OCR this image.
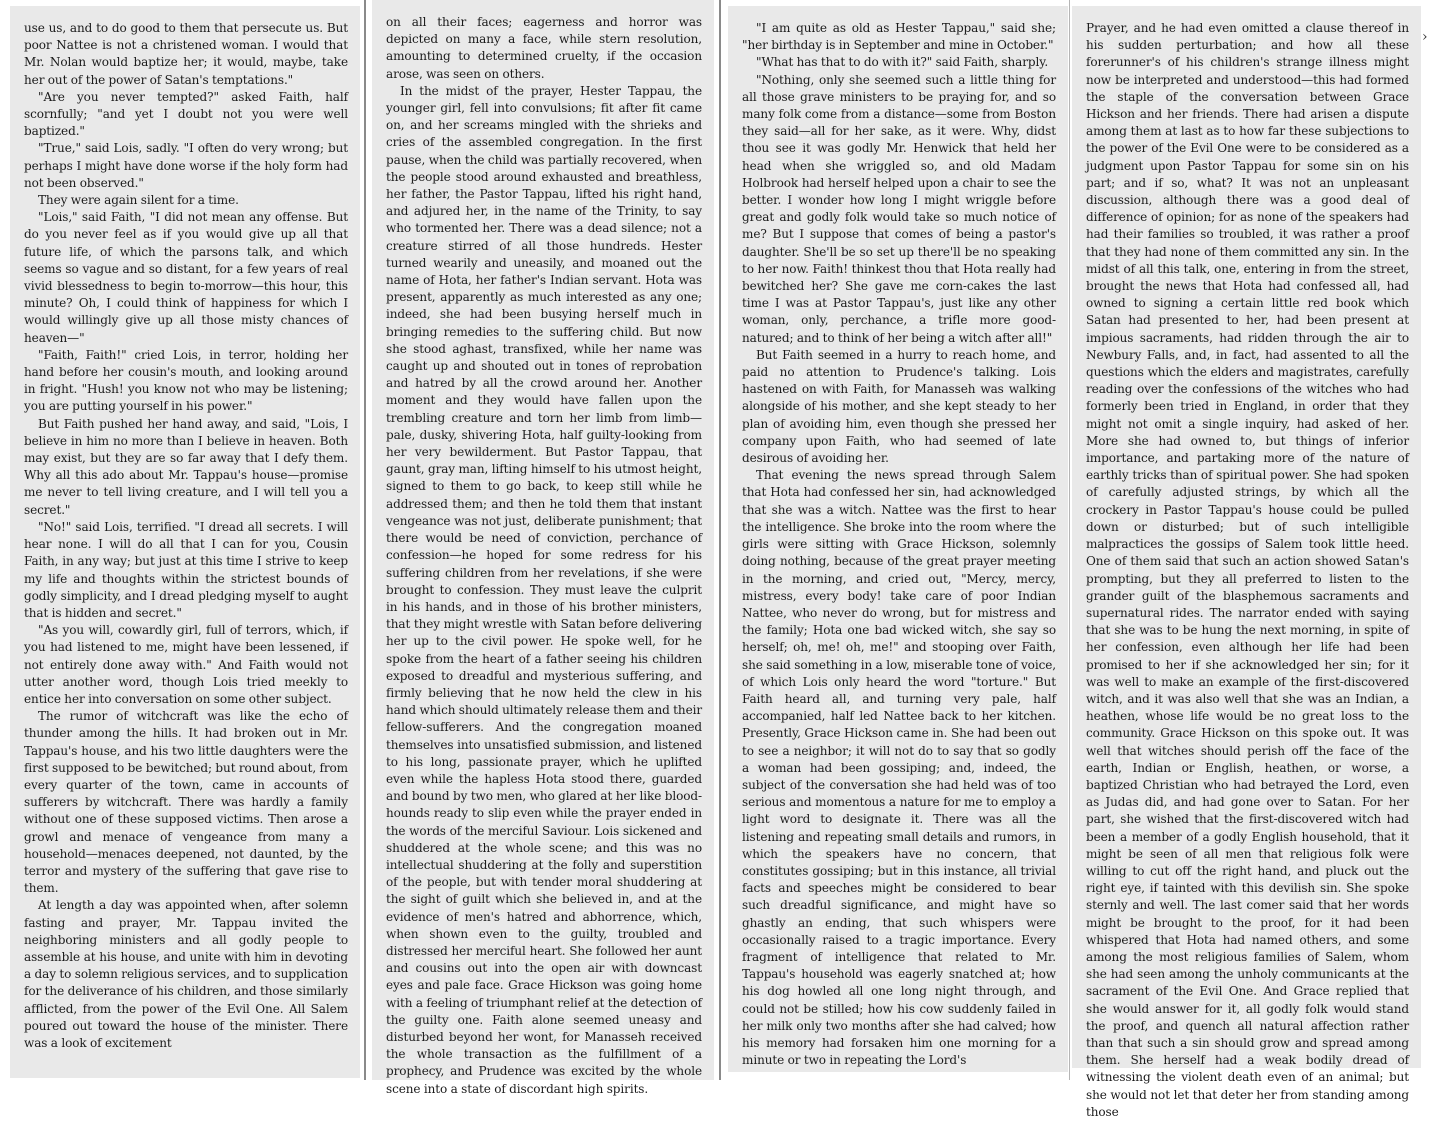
use us, and to do good to them that persecute us. But poor Nattee is not a christened woman. I would that Mr. Nolan would baptize her; it would, maybe, take her out of the power of Satan's temptations."

"Are you never tempted?" asked Faith, half scornfully; "and yet I doubt not you were well baptized."

"True," said Lois, sadly. "I often do very wrong; but perhaps I might have done worse if the holy form had not been observed."

They were again silent for a time.

"Lois," said Faith, "I did not mean any offense. But do you never feel as if you would give up all that future life, of which the parsons talk, and which seems so vague and so distant, for a few years of real vivid blessedness to begin to-morrow—this hour, this minute? Oh, I could think of happiness for which I would willingly give up all those misty chances of heaven—"

"Faith, Faith!" cried Lois, in terror, holding her hand before her cousin's mouth, and looking around in fright. "Hush! you know not who may be listening; you are putting yourself in his power."

But Faith pushed her hand away, and said, "Lois, I believe in him no more than I believe in heaven. Both may exist, but they are so far away that I defy them. Why all this ado about Mr. Tappau's house—promise me never to tell living creature, and I will tell you a secret."

"No!" said Lois, terrified. "I dread all secrets. I will hear none. I will do all that I can for you, Cousin Faith, in any way; but just at this time I strive to keep my life and thoughts within the strictest bounds of godly simplicity, and I dread pledging myself to aught that is hidden and secret."

"As you will, cowardly girl, full of terrors, which, if you had listened to me, might have been lessened, if not entirely done away with." And Faith would not utter another word, though Lois tried meekly to entice her into conversation on some other subject.

The rumor of witchcraft was like the echo of thunder among the hills. It had broken out in Mr. Tappau's house, and his two little daughters were the first supposed to be bewitched; but round about, from every quarter of the town, came in accounts of sufferers by witchcraft. There was hardly a family without one of these supposed victims. Then arose a growl and menace of vengeance from many a household—menaces deepened, not daunted, by the terror and mystery of the suffering that gave rise to them.

At length a day was appointed when, after solemn fasting and prayer, Mr. Tappau invited the neighboring ministers and all godly people to assemble at his house, and unite with him in devoting a day to solemn religious services, and to supplication for the deliverance of his children, and those similarly afflicted, from the power of the Evil One. All Salem poured out toward the house of the minister. There was a look of excitement

on all their faces; eagerness and horror was depicted on many a face, while stern resolution, amounting to determined cruelty, if the occasion arose, was seen on others.

In the midst of the prayer, Hester Tappau, the younger girl, fell into convulsions; fit after fit came on, and her screams mingled with the shrieks and cries of the assembled congregation. In the first pause, when the child was partially recovered, when the people stood around exhausted and breathless, her father, the Pastor Tappau, lifted his right hand, and adjured her, in the name of the Trinity, to say who tormented her. There was a dead silence; not a creature stirred of all those hundreds. Hester turned wearily and uneasily, and moaned out the name of Hota, her father's Indian servant. Hota was present, apparently as much interested as any one; indeed, she had been busying herself much in bringing remedies to the suffering child. But now she stood aghast, transfixed, while her name was caught up and shouted out in tones of reprobation and hatred by all the crowd around her. Another moment and they would have fallen upon the trembling creature and torn her limb from limb—pale, dusky, shivering Hota, half guilty-looking from her very bewilderment. But Pastor Tappau, that gaunt, gray man, lifting himself to his utmost height, signed to them to go back, to keep still while he addressed them; and then he told them that instant vengeance was not just, deliberate punishment; that there would be need of conviction, perchance of confession—he hoped for some redress for his suffering children from her revelations, if she were brought to confession. They must leave the culprit in his hands, and in those of his brother ministers, that they might wrestle with Satan before delivering her up to the civil power. He spoke well, for he spoke from the heart of a father seeing his children exposed to dreadful and mysterious suffering, and firmly believing that he now held the clew in his hand which should ultimately release them and their fellow-sufferers. And the congregation moaned themselves into unsatisfied submission, and listened to his long, passionate prayer, which he uplifted even while the hapless Hota stood there, guarded and bound by two men, who glared at her like blood-hounds ready to slip even while the prayer ended in the words of the merciful Saviour. Lois sickened and shuddered at the whole scene; and this was no intellectual shuddering at the folly and superstition of the people, but with tender moral shuddering at the sight of guilt which she believed in, and at the evidence of men's hatred and abhorrence, which, when shown even to the guilty, troubled and distressed her merciful heart. She followed her aunt and cousins out into the open air with downcast eyes and pale face. Grace Hickson was going home with a feeling of triumphant relief at the detection of the guilty one. Faith alone seemed uneasy and disturbed beyond her wont, for Manasseh received the whole transaction as the fulfillment of a prophecy, and Prudence was excited by the whole scene into a state of discordant high spirits.

"I am quite as old as Hester Tappau," said she; "her birthday is in September and mine in October."

"What has that to do with it?" said Faith, sharply.

"Nothing, only she seemed such a little thing for all those grave ministers to be praying for, and so many folk come from a distance—some from Boston they said—all for her sake, as it were. Why, didst thou see it was godly Mr. Henwick that held her head when she wriggled so, and old Madam Holbrook had herself helped upon a chair to see the better. I wonder how long I might wriggle before great and godly folk would take so much notice of me? But I suppose that comes of being a pastor's daughter. She'll be so set up there'll be no speaking to her now. Faith! thinkest thou that Hota really had bewitched her? She gave me corn-cakes the last time I was at Pastor Tappau's, just like any other woman, only, perchance, a trifle more good-natured; and to think of her being a witch after all!"

But Faith seemed in a hurry to reach home, and paid no attention to Prudence's talking. Lois hastened on with Faith, for Manasseh was walking alongside of his mother, and she kept steady to her plan of avoiding him, even though she pressed her company upon Faith, who had seemed of late desirous of avoiding her.

That evening the news spread through Salem that Hota had confessed her sin, had acknowledged that she was a witch. Nattee was the first to hear the intelligence. She broke into the room where the girls were sitting with Grace Hickson, solemnly doing nothing, because of the great prayer meeting in the morning, and cried out, "Mercy, mercy, mistress, every body! take care of poor Indian Nattee, who never do wrong, but for mistress and the family; Hota one bad wicked witch, she say so herself; oh, me! oh, me!" and stooping over Faith, she said something in a low, miserable tone of voice, of which Lois only heard the word "torture." But Faith heard all, and turning very pale, half accompanied, half led Nattee back to her kitchen. Presently, Grace Hickson came in. She had been out to see a neighbor; it will not do to say that so godly a woman had been gossiping; and, indeed, the subject of the conversation she had held was of too serious and momentous a nature for me to employ a light word to designate it. There was all the listening and repeating small details and rumors, in which the speakers have no concern, that constitutes gossiping; but in this instance, all trivial facts and speeches might be considered to bear such dreadful significance, and might have so ghastly an ending, that such whispers were occasionally raised to a tragic importance. Every fragment of intelligence that related to Mr. Tappau's household was eagerly snatched at; how his dog howled all one long night through, and could not be stilled; how his cow suddenly failed in her milk only two months after she had calved; how his memory had forsaken him one morning for a minute or two in repeating the Lord's

Prayer, and he had even omitted a clause thereof in his sudden perturbation; and how all these forerunner's of his children's strange illness might now be interpreted and understood—this had formed the staple of the conversation between Grace Hickson and her friends. There had arisen a dispute among them at last as to how far these subjections to the power of the Evil One were to be considered as a judgment upon Pastor Tappau for some sin on his part; and if so, what? It was not an unpleasant discussion, although there was a good deal of difference of opinion; for as none of the speakers had had their families so troubled, it was rather a proof that they had none of them committed any sin. In the midst of all this talk, one, entering in from the street, brought the news that Hota had confessed all, had owned to signing a certain little red book which Satan had presented to her, had been present at impious sacraments, had ridden through the air to Newbury Falls, and, in fact, had assented to all the questions which the elders and magistrates, carefully reading over the confessions of the witches who had formerly been tried in England, in order that they might not omit a single inquiry, had asked of her. More she had owned to, but things of inferior importance, and partaking more of the nature of earthly tricks than of spiritual power. She had spoken of carefully adjusted strings, by which all the crockery in Pastor Tappau's house could be pulled down or disturbed; but of such intelligible malpractices the gossips of Salem took little heed. One of them said that such an action showed Satan's prompting, but they all preferred to listen to the grander guilt of the blasphemous sacraments and supernatural rides. The narrator ended with saying that she was to be hung the next morning, in spite of her confession, even although her life had been promised to her if she acknowledged her sin; for it was well to make an example of the first-discovered witch, and it was also well that she was an Indian, a heathen, whose life would be no great loss to the community. Grace Hickson on this spoke out. It was well that witches should perish off the face of the earth, Indian or English, heathen, or worse, a baptized Christian who had betrayed the Lord, even as Judas did, and had gone over to Satan. For her part, she wished that the first-discovered witch had been a member of a godly English household, that it might be seen of all men that religious folk were willing to cut off the right hand, and pluck out the right eye, if tainted with this devilish sin. She spoke sternly and well. The last comer said that her words might be brought to the proof, for it had been whispered that Hota had named others, and some among the most religious families of Salem, whom she had seen among the unholy communicants at the sacrament of the Evil One. And Grace replied that she would answer for it, all godly folk would stand the proof, and quench all natural affection rather than that such a sin should grow and spread among them. She herself had a weak bodily dread of witnessing the violent death even of an animal; but she would not let that deter her from standing among those

›
